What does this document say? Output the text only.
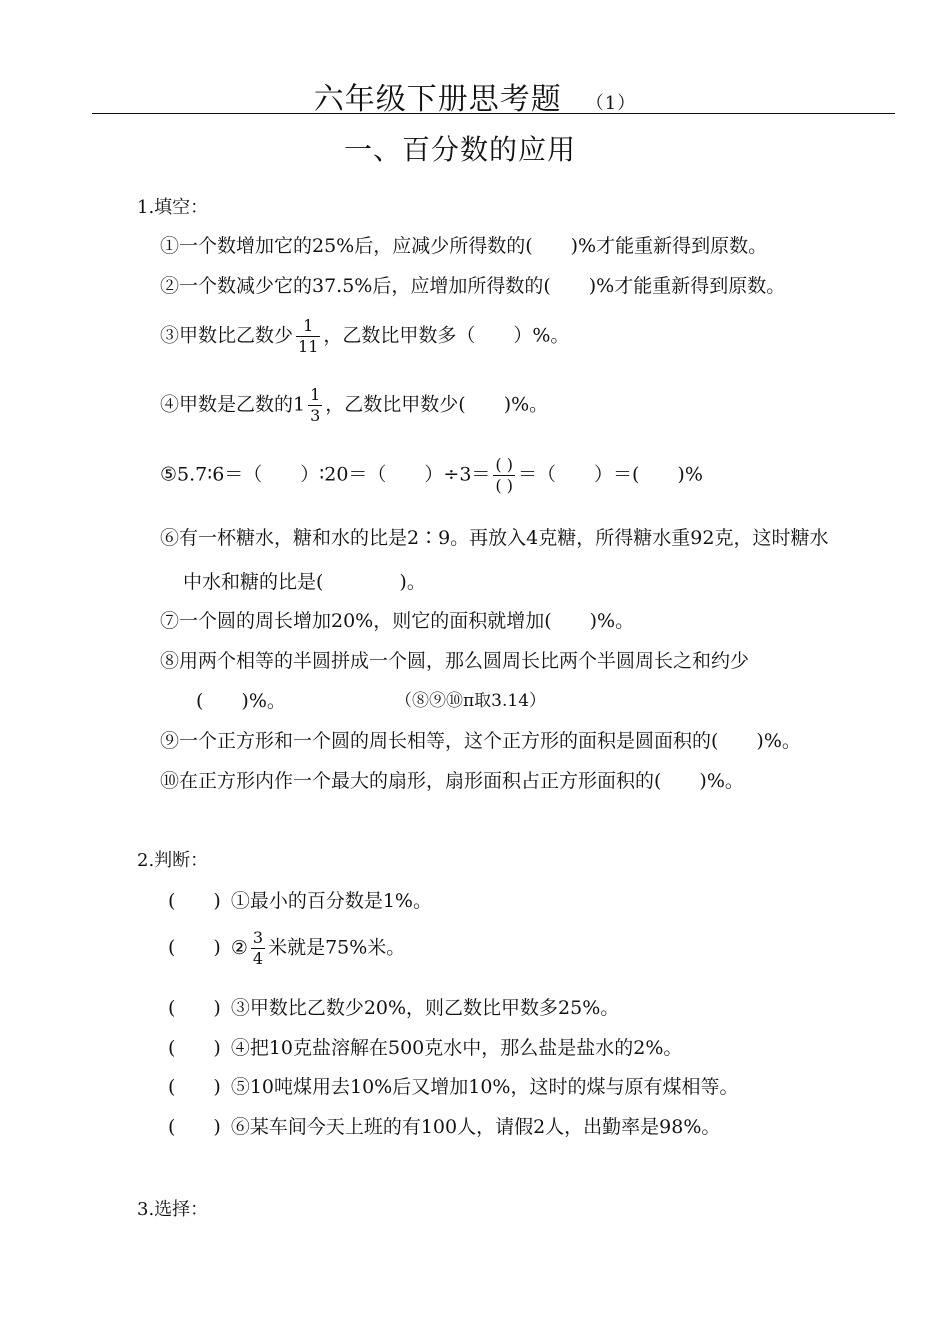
六年级下册思考题 （1）
一、百分数的应用
1.填空：
①一个数增加它的25%后，应减少所得数的(　　)%才能重新得到原数。
②一个数减少它的37.5%后，应增加所得数的(　　)%才能重新得到原数。
③甲数比乙数少 $\frac{1}{11}$ ，乙数比甲数多（　　）%。
④甲数是乙数的$1 \frac{1}{3}$ ，乙数比甲数少(　　)%。
⑤5.7∶6＝（　　）∶20＝（　　）$\div 3= \frac{( )}{( )}$ ＝（　　）＝(　　)%
⑥有一杯糖水，糖和水的比是2∶9。再放入4克糖，所得糖水重92克，这时糖水
中水和糖的比是(　　　　)。
⑦一个圆的周长增加20%，则它的面积就增加(　　)%。
⑧用两个相等的半圆拼成一个圆，那么圆周长比两个半圆周长之和约少
(　　)%。	（⑧⑨⑩π取3.14）
⑨一个正方形和一个圆的周长相等，这个正方形的面积是圆面积的(　　)%。
⑩在正方形内作一个最大的扇形，扇形面积占正方形面积的(　　)%。
2.判断：
(　　) ①最小的百分数是1%。
(　　) ② $\frac{3}{4}$ 米就是75%米。
(　　) ③甲数比乙数少20%，则乙数比甲数多25%。
(　　) ④把10克盐溶解在500克水中，那么盐是盐水的2%。
(　　) ⑤10吨煤用去10%后又增加10%，这时的煤与原有煤相等。
(　　) ⑥某车间今天上班的有100人，请假2人，出勤率是98%。
3.选择：
